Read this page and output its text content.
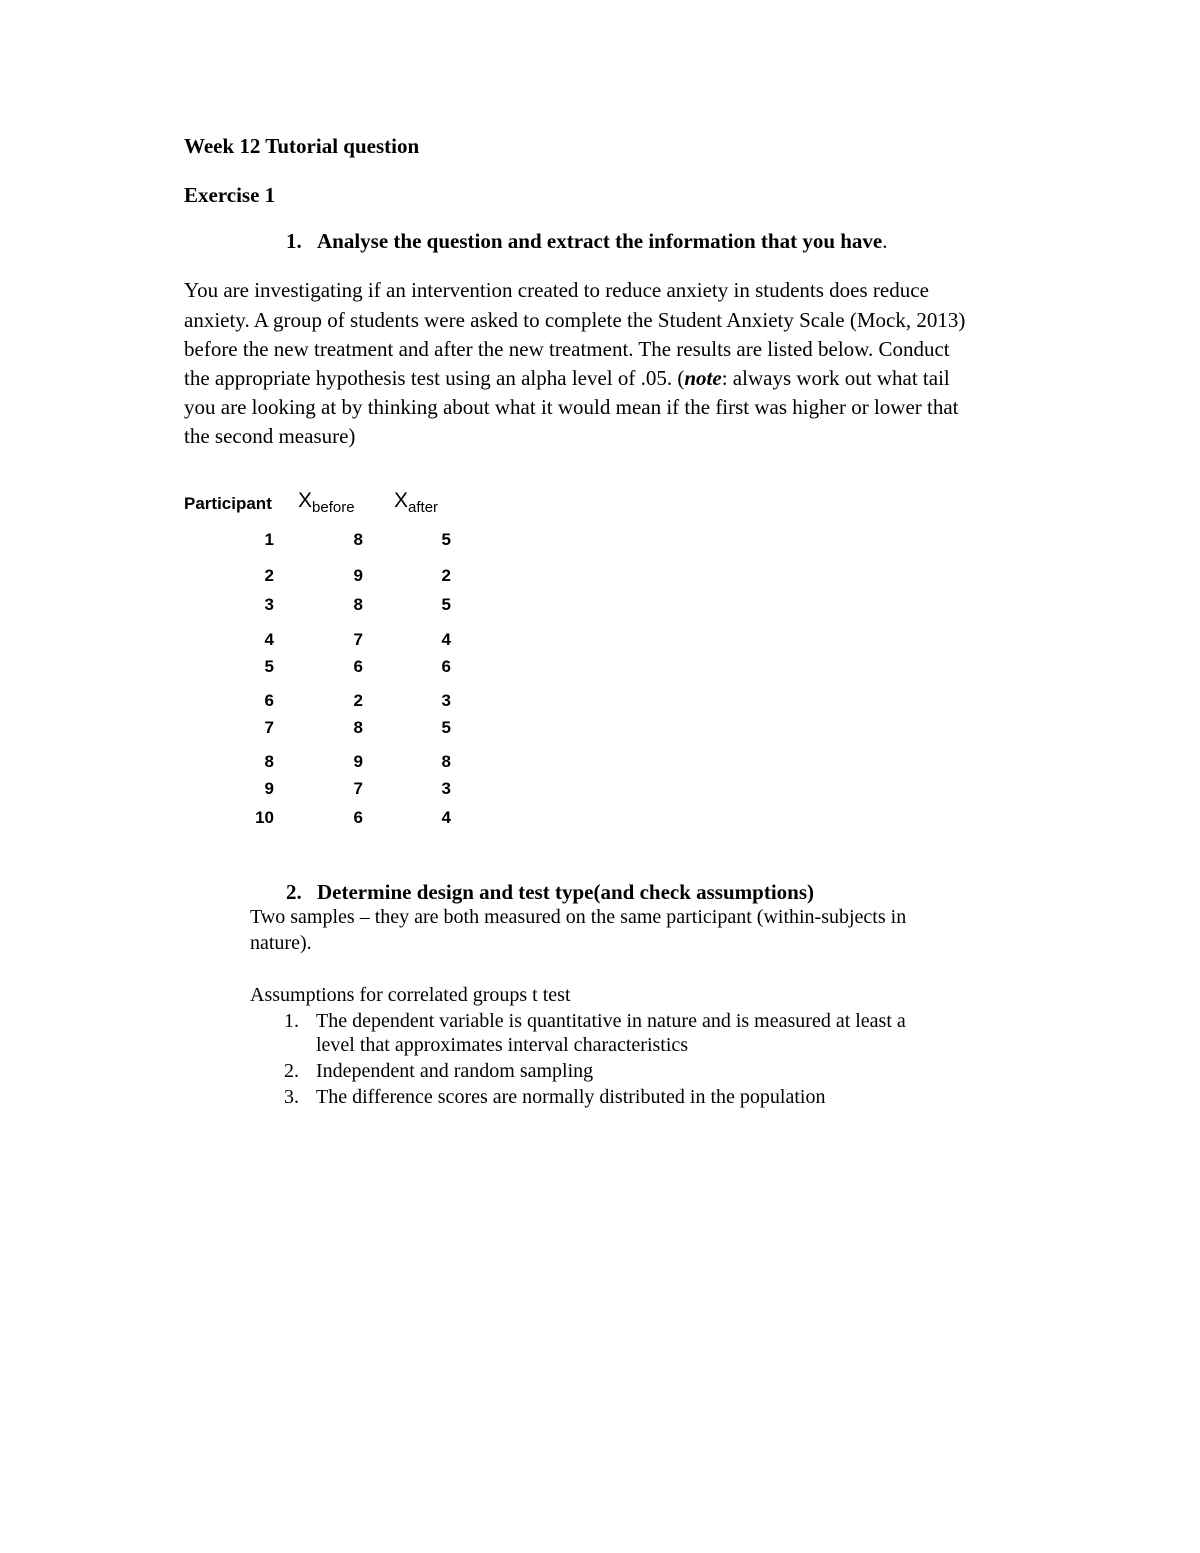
Week 12 Tutorial question
Exercise 1
1. Analyse the question and extract the information that you have.
You are investigating if an intervention created to reduce anxiety in students does reduce
anxiety. A group of students were asked to complete the Student Anxiety Scale (Mock, 2013)
before the new treatment and after the new treatment. The results are listed below. Conduct
the appropriate hypothesis test using an alpha level of .05. (note: always work out what tail
you are looking at by thinking about what it would mean if the first was higher or lower that
the second measure)
Participant $X_{before}$ $X_{after}$
1	8	5
2	9	2
3	8	5
4	7	4
5	6	6
6	2	3
7	8	5
8	9	8
9	7	3
10	6	4
2. Determine design and test type(and check assumptions)
Two samples – they are both measured on the same participant (within-subjects in
nature).
Assumptions for correlated groups t test
1. The dependent variable is quantitative in nature and is measured at least a
level that approximates interval characteristics
2. Independent and random sampling
3. The difference scores are normally distributed in the population
